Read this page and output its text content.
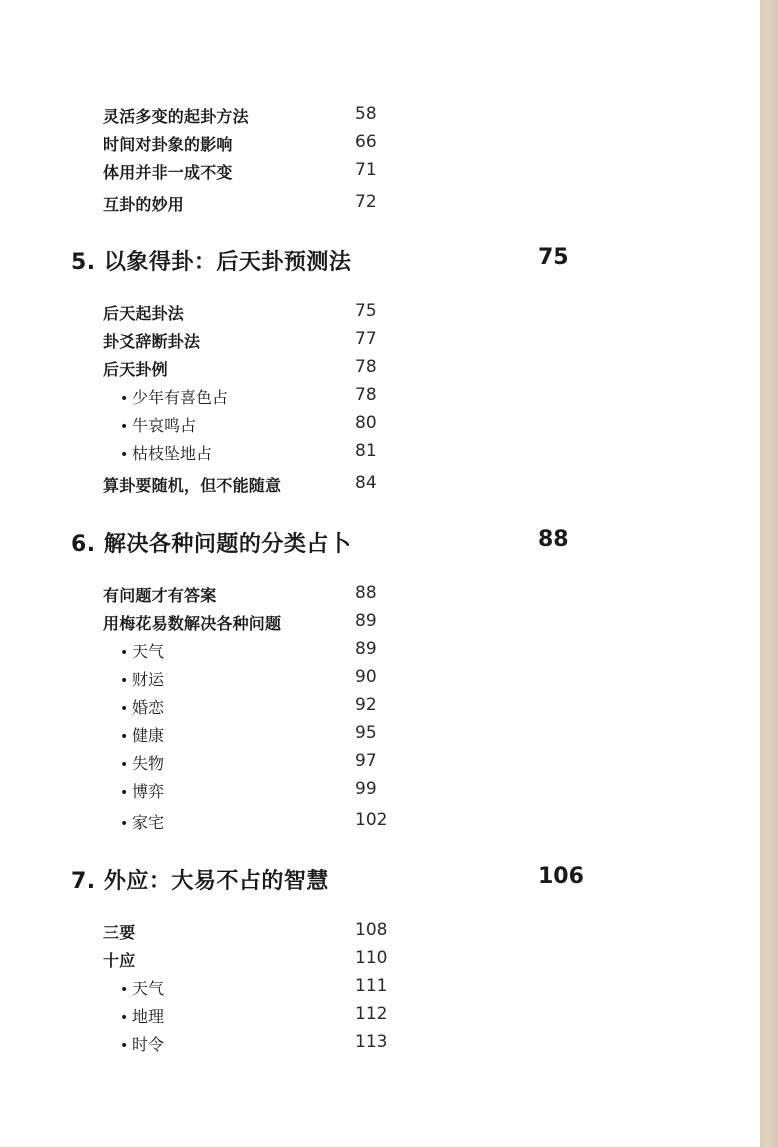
灵活多变的起卦方法	58
时间对卦象的影响	66
体用并非一成不变	71
互卦的妙用	72
5. 以象得卦：后天卦预测法	75
后天起卦法	75
卦爻辞断卦法	77
后天卦例	78
• 少年有喜色占	78
• 牛哀鸣占	80
• 枯枝坠地占	81
算卦要随机，但不能随意	84
6. 解决各种问题的分类占卜	88
有问题才有答案	88
用梅花易数解决各种问题	89
• 天气	89
• 财运	90
• 婚恋	92
• 健康	95
• 失物	97
• 博弈	99
• 家宅	102
7. 外应：大易不占的智慧	106
三要	108
十应	110
• 天气	111
• 地理	112
• 时令	113
